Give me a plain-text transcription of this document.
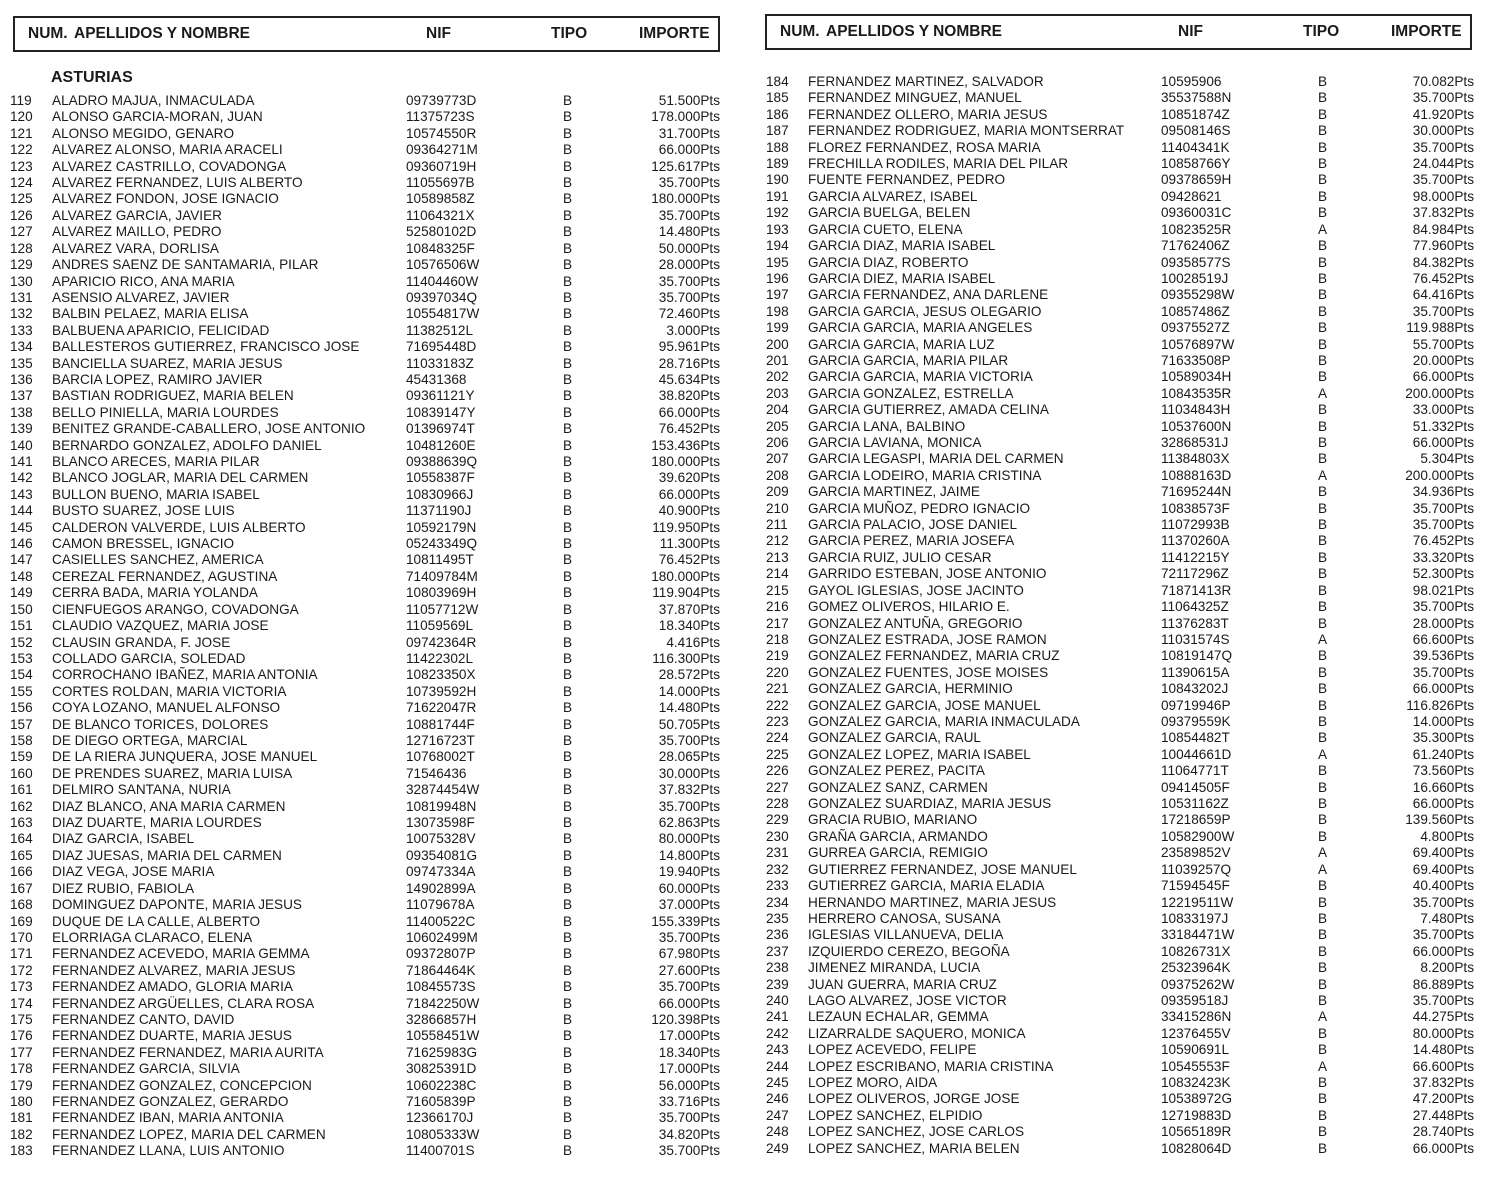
NUM. APELLIDOS Y NOMBRE	NIF	TIPO	IMPORTE	NUM. APELLIDOS Y NOMBRE	NIF	TIPO	IMPORTE
ASTURIAS
119 ALADRO MAJUA, INMACULADA	09739773D	B	51.500Pts
120 ALONSO GARCIA-MORAN, JUAN	11375723S	B	178.000Pts
121 ALONSO MEGIDO, GENARO	10574550R	B	31.700Pts
122 ALVAREZ ALONSO, MARIA ARACELI	09364271M	B	66.000Pts
123 ALVAREZ CASTRILLO, COVADONGA	09360719H	B	125.617Pts
124 ALVAREZ FERNANDEZ, LUIS ALBERTO	11055697B	B	35.700Pts
125 ALVAREZ FONDON, JOSE IGNACIO	10589858Z	B	180.000Pts
126 ALVAREZ GARCIA, JAVIER	11064321X	B	35.700Pts
127 ALVAREZ MAILLO, PEDRO	52580102D	B	14.480Pts
128 ALVAREZ VARA, DORLISA	10848325F	B	50.000Pts
129 ANDRES SAENZ DE SANTAMARIA, PILAR	10576506W	B	28.000Pts
130 APARICIO RICO, ANA MARIA	11404460W	B	35.700Pts
131 ASENSIO ALVAREZ, JAVIER	09397034Q	B	35.700Pts
132 BALBIN PELAEZ, MARIA ELISA	10554817W	B	72.460Pts
133 BALBUENA APARICIO, FELICIDAD	11382512L	B	3.000Pts
134 BALLESTEROS GUTIERREZ, FRANCISCO JOSE	71695448D	B	95.961Pts
135 BANCIELLA SUAREZ, MARIA JESUS	11033183Z	B	28.716Pts
136 BARCIA LOPEZ, RAMIRO JAVIER	45431368	B	45.634Pts
137 BASTIAN RODRIGUEZ, MARIA BELEN	09361121Y	B	38.820Pts
138 BELLO PINIELLA, MARIA LOURDES	10839147Y	B	66.000Pts
139 BENITEZ GRANDE-CABALLERO, JOSE ANTONIO	01396974T	B	76.452Pts
140 BERNARDO GONZALEZ, ADOLFO DANIEL	10481260E	B	153.436Pts
141 BLANCO ARECES, MARIA PILAR	09388639Q	B	180.000Pts
142 BLANCO JOGLAR, MARIA DEL CARMEN	10558387F	B	39.620Pts
143 BULLON BUENO, MARIA ISABEL	10830966J	B	66.000Pts
144 BUSTO SUAREZ, JOSE LUIS	11371190J	B	40.900Pts
145 CALDERON VALVERDE, LUIS ALBERTO	10592179N	B	119.950Pts
146 CAMON BRESSEL, IGNACIO	05243349Q	B	11.300Pts
147 CASIELLES SANCHEZ, AMERICA	10811495T	B	76.452Pts
148 CEREZAL FERNANDEZ, AGUSTINA	71409784M	B	180.000Pts
149 CERRA BADA, MARIA YOLANDA	10803969H	B	119.904Pts
150 CIENFUEGOS ARANGO, COVADONGA	11057712W	B	37.870Pts
151 CLAUDIO VAZQUEZ, MARIA JOSE	11059569L	B	18.340Pts
152 CLAUSIN GRANDA, F. JOSE	09742364R	B	4.416Pts
153 COLLADO GARCIA, SOLEDAD	11422302L	B	116.300Pts
154 CORROCHANO IBAÑEZ, MARIA ANTONIA	10823350X	B	28.572Pts
155 CORTES ROLDAN, MARIA VICTORIA	10739592H	B	14.000Pts
156 COYA LOZANO, MANUEL ALFONSO	71622047R	B	14.480Pts
157 DE BLANCO TORICES, DOLORES	10881744F	B	50.705Pts
158 DE DIEGO ORTEGA, MARCIAL	12716723T	B	35.700Pts
159 DE LA RIERA JUNQUERA, JOSE MANUEL	10768002T	B	28.065Pts
160 DE PRENDES SUAREZ, MARIA LUISA	71546436	B	30.000Pts
161 DELMIRO SANTANA, NURIA	32874454W	B	37.832Pts
162 DIAZ BLANCO, ANA MARIA CARMEN	10819948N	B	35.700Pts
163 DIAZ DUARTE, MARIA LOURDES	13073598F	B	62.863Pts
164 DIAZ GARCIA, ISABEL	10075328V	B	80.000Pts
165 DIAZ JUESAS, MARIA DEL CARMEN	09354081G	B	14.800Pts
166 DIAZ VEGA, JOSE MARIA	09747334A	B	19.940Pts
167 DIEZ RUBIO, FABIOLA	14902899A	B	60.000Pts
168 DOMINGUEZ DAPONTE, MARIA JESUS	11079678A	B	37.000Pts
169 DUQUE DE LA CALLE, ALBERTO	11400522C	B	155.339Pts
170 ELORRIAGA CLARACO, ELENA	10602499M	B	35.700Pts
171 FERNANDEZ ACEVEDO, MARIA GEMMA	09372807P	B	67.980Pts
172 FERNANDEZ ALVAREZ, MARIA JESUS	71864464K	B	27.600Pts
173 FERNANDEZ AMADO, GLORIA MARIA	10845573S	B	35.700Pts
174 FERNANDEZ ARGÜELLES, CLARA ROSA	71842250W	B	66.000Pts
175 FERNANDEZ CANTO, DAVID	32866857H	B	120.398Pts
176 FERNANDEZ DUARTE, MARIA JESUS	10558451W	B	17.000Pts
177 FERNANDEZ FERNANDEZ, MARIA AURITA	71625983G	B	18.340Pts
178 FERNANDEZ GARCIA, SILVIA	30825391D	B	17.000Pts
179 FERNANDEZ GONZALEZ, CONCEPCION	10602238C	B	56.000Pts
180 FERNANDEZ GONZALEZ, GERARDO	71605839P	B	33.716Pts
181 FERNANDEZ IBAN, MARIA ANTONIA	12366170J	B	35.700Pts
182 FERNANDEZ LOPEZ, MARIA DEL CARMEN	10805333W	B	34.820Pts
183 FERNANDEZ LLANA, LUIS ANTONIO	11400701S	B	35.700Pts
184 FERNANDEZ MARTINEZ, SALVADOR	10595906	B	70.082Pts
185 FERNANDEZ MINGUEZ, MANUEL	35537588N	B	35.700Pts
186 FERNANDEZ OLLERO, MARIA JESUS	10851874Z	B	41.920Pts
187 FERNANDEZ RODRIGUEZ, MARIA MONTSERRAT	09508146S	B	30.000Pts
188 FLOREZ FERNANDEZ, ROSA MARIA	11404341K	B	35.700Pts
189 FRECHILLA RODILES, MARIA DEL PILAR	10858766Y	B	24.044Pts
190 FUENTE FERNANDEZ, PEDRO	09378659H	B	35.700Pts
191 GARCIA ALVAREZ, ISABEL	09428621	B	98.000Pts
192 GARCIA BUELGA, BELEN	09360031C	B	37.832Pts
193 GARCIA CUETO, ELENA	10823525R	A	84.984Pts
194 GARCIA DIAZ, MARIA ISABEL	71762406Z	B	77.960Pts
195 GARCIA DIAZ, ROBERTO	09358577S	B	84.382Pts
196 GARCIA DIEZ, MARIA ISABEL	10028519J	B	76.452Pts
197 GARCIA FERNANDEZ, ANA DARLENE	09355298W	B	64.416Pts
198 GARCIA GARCIA, JESUS OLEGARIO	10857486Z	B	35.700Pts
199 GARCIA GARCIA, MARIA ANGELES	09375527Z	B	119.988Pts
200 GARCIA GARCIA, MARIA LUZ	10576897W	B	55.700Pts
201 GARCIA GARCIA, MARIA PILAR	71633508P	B	20.000Pts
202 GARCIA GARCIA, MARIA VICTORIA	10589034H	B	66.000Pts
203 GARCIA GONZALEZ, ESTRELLA	10843535R	A	200.000Pts
204 GARCIA GUTIERREZ, AMADA CELINA	11034843H	B	33.000Pts
205 GARCIA LANA, BALBINO	10537600N	B	51.332Pts
206 GARCIA LAVIANA, MONICA	32868531J	B	66.000Pts
207 GARCIA LEGASPI, MARIA DEL CARMEN	11384803X	B	5.304Pts
208 GARCIA LODEIRO, MARIA CRISTINA	10888163D	A	200.000Pts
209 GARCIA MARTINEZ, JAIME	71695244N	B	34.936Pts
210 GARCIA MUÑOZ, PEDRO IGNACIO	10838573F	B	35.700Pts
211 GARCIA PALACIO, JOSE DANIEL	11072993B	B	35.700Pts
212 GARCIA PEREZ, MARIA JOSEFA	11370260A	B	76.452Pts
213 GARCIA RUIZ, JULIO CESAR	11412215Y	B	33.320Pts
214 GARRIDO ESTEBAN, JOSE ANTONIO	72117296Z	B	52.300Pts
215 GAYOL IGLESIAS, JOSE JACINTO	71871413R	B	98.021Pts
216 GOMEZ OLIVEROS, HILARIO E.	11064325Z	B	35.700Pts
217 GONZALEZ ANTUÑA, GREGORIO	11376283T	B	28.000Pts
218 GONZALEZ ESTRADA, JOSE RAMON	11031574S	A	66.600Pts
219 GONZALEZ FERNANDEZ, MARIA CRUZ	10819147Q	B	39.536Pts
220 GONZALEZ FUENTES, JOSE MOISES	11390615A	B	35.700Pts
221 GONZALEZ GARCIA, HERMINIO	10843202J	B	66.000Pts
222 GONZALEZ GARCIA, JOSE MANUEL	09719946P	B	116.826Pts
223 GONZALEZ GARCIA, MARIA INMACULADA	09379559K	B	14.000Pts
224 GONZALEZ GARCIA, RAUL	10854482T	B	35.300Pts
225 GONZALEZ LOPEZ, MARIA ISABEL	10044661D	A	61.240Pts
226 GONZALEZ PEREZ, PACITA	11064771T	B	73.560Pts
227 GONZALEZ SANZ, CARMEN	09414505F	B	16.660Pts
228 GONZALEZ SUARDIAZ, MARIA JESUS	10531162Z	B	66.000Pts
229 GRACIA RUBIO, MARIANO	17218659P	B	139.560Pts
230 GRAÑA GARCIA, ARMANDO	10582900W	B	4.800Pts
231 GURREA GARCIA, REMIGIO	23589852V	A	69.400Pts
232 GUTIERREZ FERNANDEZ, JOSE MANUEL	11039257Q	A	69.400Pts
233 GUTIERREZ GARCIA, MARIA ELADIA	71594545F	B	40.400Pts
234 HERNANDO MARTINEZ, MARIA JESUS	12219511W	B	35.700Pts
235 HERRERO CANOSA, SUSANA	10833197J	B	7.480Pts
236 IGLESIAS VILLANUEVA, DELIA	33184471W	B	35.700Pts
237 IZQUIERDO CEREZO, BEGOÑA	10826731X	B	66.000Pts
238 JIMENEZ MIRANDA, LUCIA	25323964K	B	8.200Pts
239 JUAN GUERRA, MARIA CRUZ	09375262W	B	86.889Pts
240 LAGO ALVAREZ, JOSE VICTOR	09359518J	B	35.700Pts
241 LEZAUN ECHALAR, GEMMA	33415286N	A	44.275Pts
242 LIZARRALDE SAQUERO, MONICA	12376455V	B	80.000Pts
243 LOPEZ ACEVEDO, FELIPE	10590691L	B	14.480Pts
244 LOPEZ ESCRIBANO, MARIA CRISTINA	10545553F	A	66.600Pts
245 LOPEZ MORO, AIDA	10832423K	B	37.832Pts
246 LOPEZ OLIVEROS, JORGE JOSE	10538972G	B	47.200Pts
247 LOPEZ SANCHEZ, ELPIDIO	12719883D	B	27.448Pts
248 LOPEZ SANCHEZ, JOSE CARLOS	10565189R	B	28.740Pts
249 LOPEZ SANCHEZ, MARIA BELEN	10828064D	B	66.000Pts
